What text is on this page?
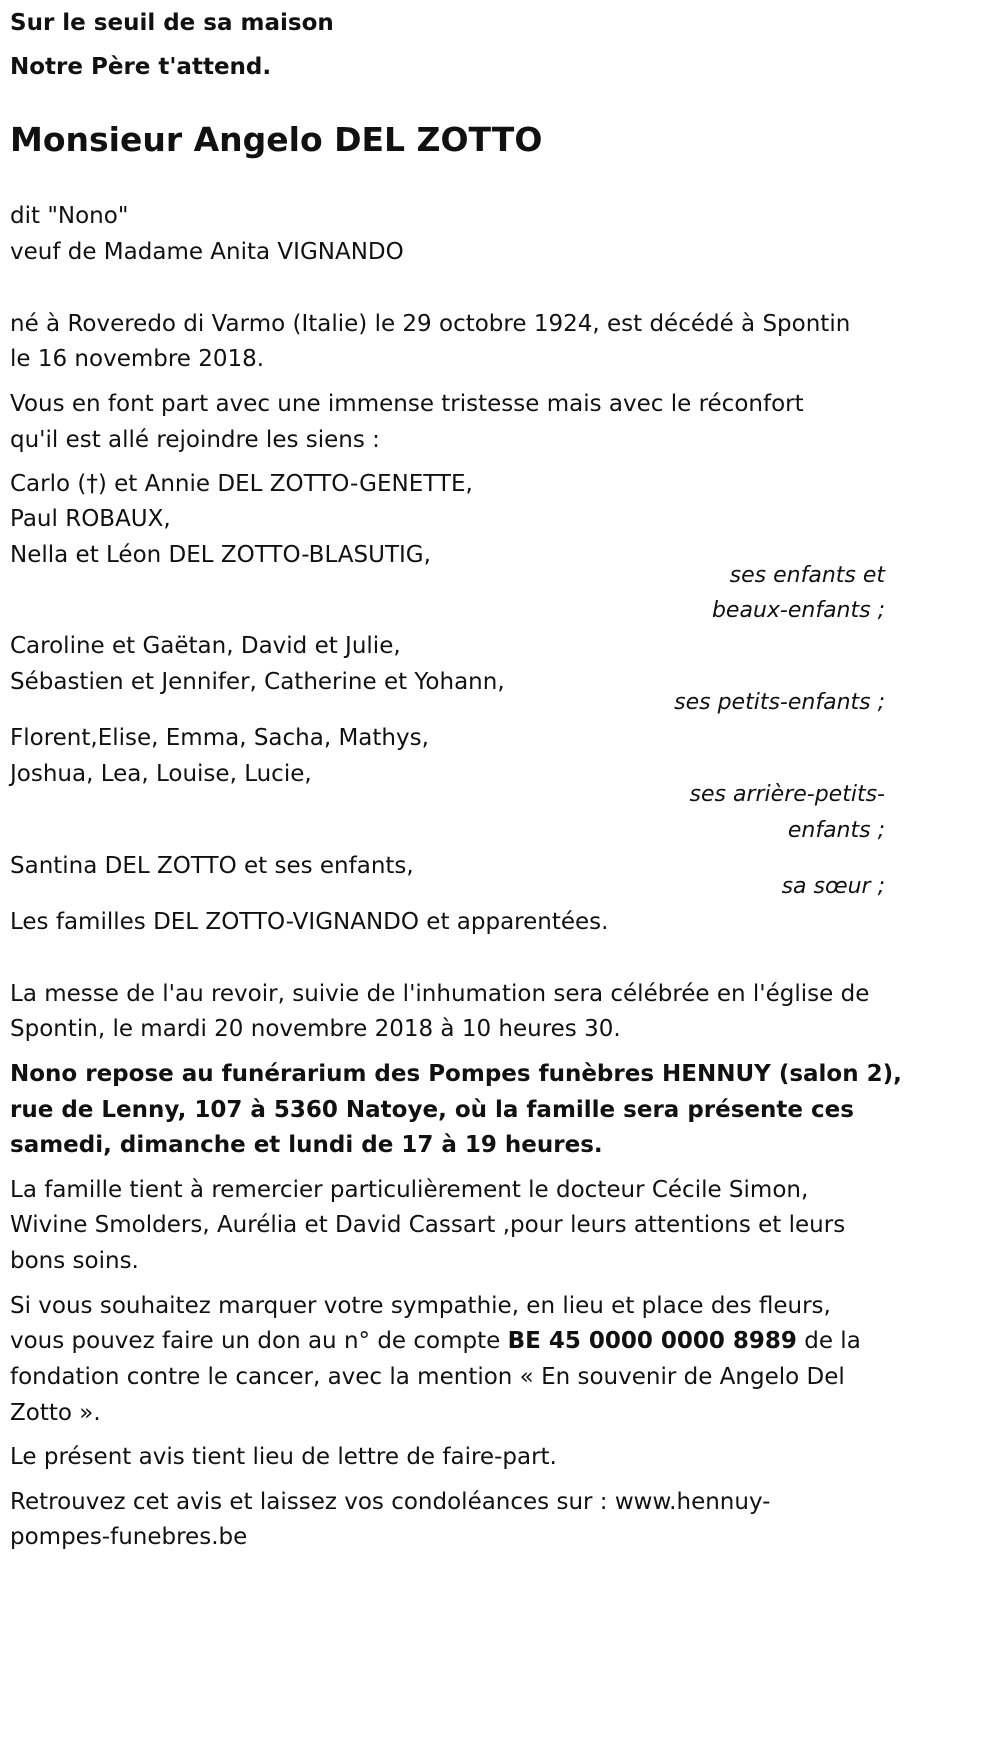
Sur le seuil de sa maison
Notre Père t'attend.
Monsieur Angelo DEL ZOTTO
dit "Nono"
veuf de Madame Anita VIGNANDO
né à Roveredo di Varmo (Italie) le 29 octobre 1924, est décédé à Spontin
le 16 novembre 2018.
Vous en font part avec une immense tristesse mais avec le réconfort
qu'il est allé rejoindre les siens :
Carlo (†) et Annie DEL ZOTTO-GENETTE,
Paul ROBAUX,
Nella et Léon DEL ZOTTO-BLASUTIG,
ses enfants et
beaux-enfants ;
Caroline et Gaëtan, David et Julie,
Sébastien et Jennifer, Catherine et Yohann,
ses petits-enfants ;
Florent,Elise, Emma, Sacha, Mathys,
Joshua, Lea, Louise, Lucie,
ses arrière-petits-
enfants ;
Santina DEL ZOTTO et ses enfants,
sa sœur ;
Les familles DEL ZOTTO-VIGNANDO et apparentées.
La messe de l'au revoir, suivie de l'inhumation sera célébrée en l'église de
Spontin, le mardi 20 novembre 2018 à 10 heures 30.
Nono repose au funérarium des Pompes funèbres HENNUY (salon 2),
rue de Lenny, 107 à 5360 Natoye, où la famille sera présente ces
samedi, dimanche et lundi de 17 à 19 heures.
La famille tient à remercier particulièrement le docteur Cécile Simon,
Wivine Smolders, Aurélia et David Cassart ,pour leurs attentions et leurs
bons soins.
Si vous souhaitez marquer votre sympathie, en lieu et place des fleurs,
vous pouvez faire un don au n° de compte BE 45 0000 0000 8989 de la
fondation contre le cancer, avec la mention « En souvenir de Angelo Del
Zotto ».
Le présent avis tient lieu de lettre de faire-part.
Retrouvez cet avis et laissez vos condoléances sur : www.hennuy-
pompes-funebres.be
